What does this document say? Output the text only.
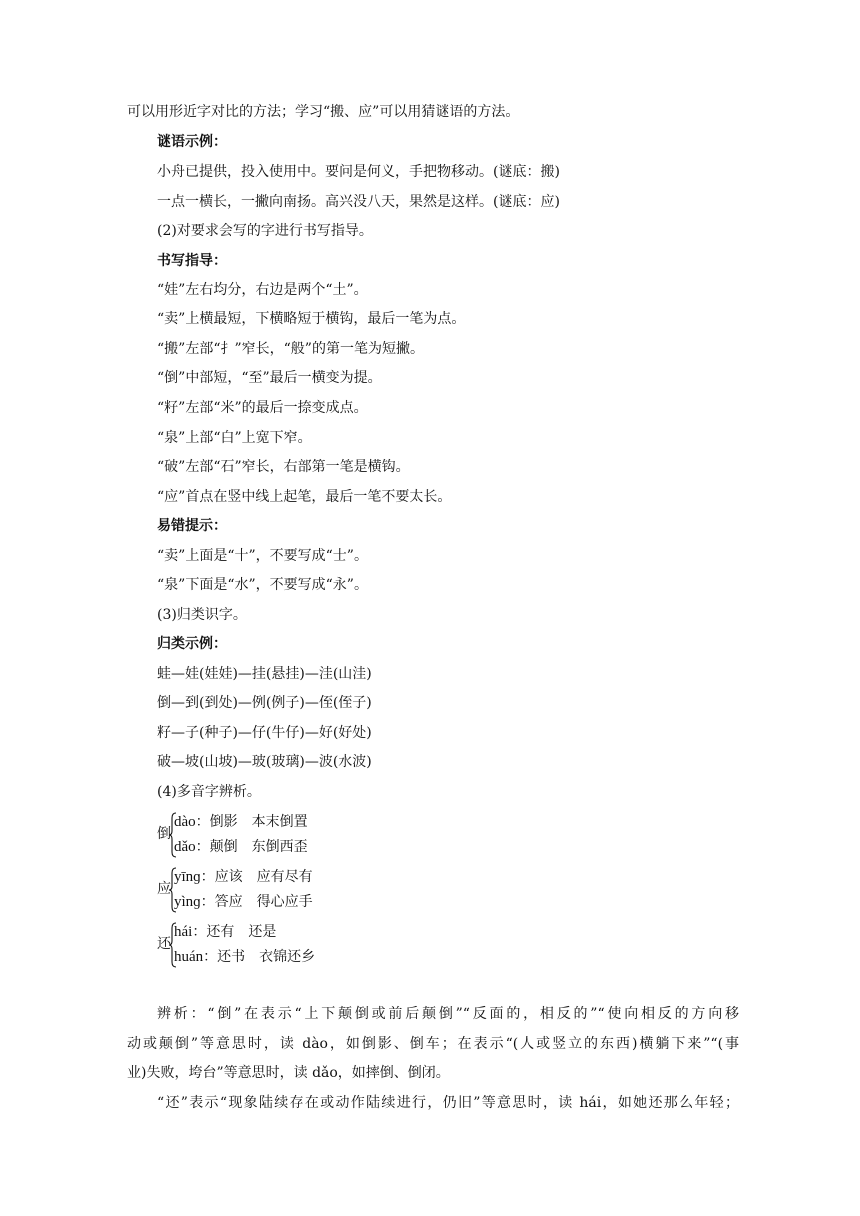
可以用形近字对比的方法；学习“搬、应”可以用猜谜语的方法。
谜语示例：
小舟已提供，投入使用中。要问是何义，手把物移动。(谜底：搬)
一点一横长，一撇向南扬。高兴没八天，果然是这样。(谜底：应)
(2)对要求会写的字进行书写指导。
书写指导：
“娃”左右均分，右边是两个“土”。
“卖”上横最短，下横略短于横钩，最后一笔为点。
“搬”左部“扌”窄长，“般”的第一笔为短撇。
“倒”中部短，“至”最后一横变为提。
“籽”左部“米”的最后一捺变成点。
“泉”上部“白”上宽下窄。
“破”左部“石”窄长，右部第一笔是横钩。
“应”首点在竖中线上起笔，最后一笔不要太长。
易错提示：
“卖”上面是“十”，不要写成“士”。
“泉”下面是“水”，不要写成“永”。
(3)归类识字。
归类示例：
蛙—娃(娃娃)—挂(悬挂)—洼(山洼)
倒—到(到处)—例(例子)—侄(侄子)
籽—子(种子)—仔(牛仔)—好(好处)
破—坡(山坡)—玻(玻璃)—波(水波)
(4)多音字辨析。
倒
dào：倒影　本末倒置
dǎo：颠倒　东倒西歪
应
yīnɡ：应该　应有尽有
yìnɡ：答应　得心应手
还
hái：还有　还是
huán：还书　衣锦还乡
辨析：“倒”在表示“上下颠倒或前后颠倒”“反面的，相反的”“使向相反的方向移
动或颠倒”等意思时，读 dào，如倒影、倒车；在表示“(人或竖立的东西)横躺下来”“(事
业)失败，垮台”等意思时，读 dǎo，如摔倒、倒闭。
“还”表示“现象陆续存在或动作陆续进行，仍旧”等意思时，读 hái，如她还那么年轻；
